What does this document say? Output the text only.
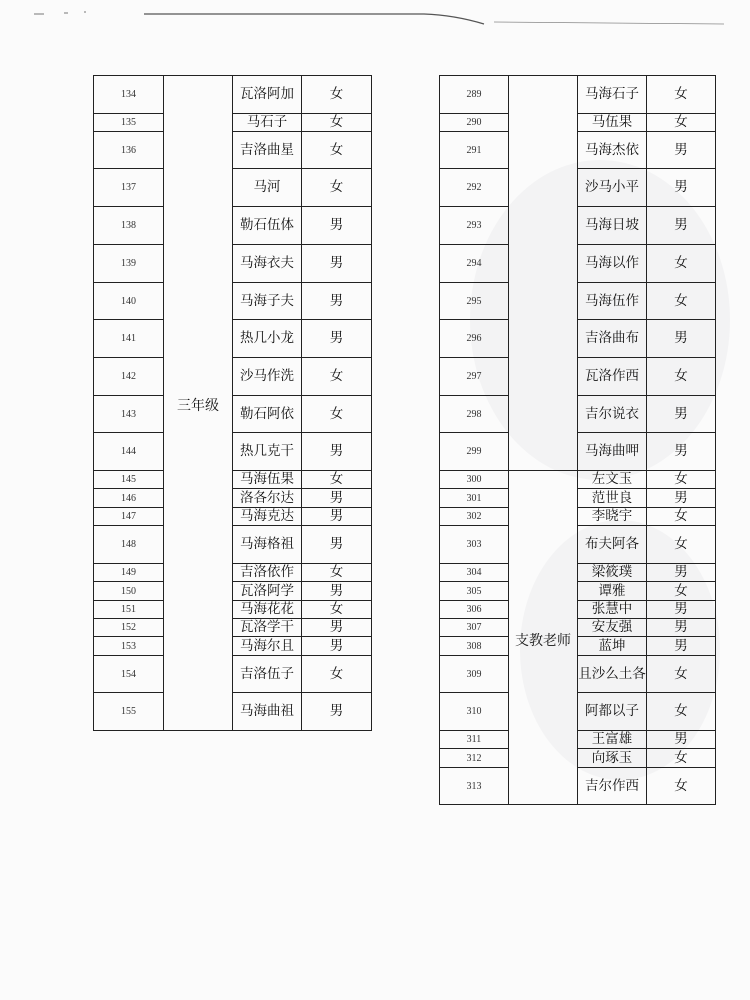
134	三年级	瓦洛阿加	女
135		马石子	女
136		吉洛曲星	女
137		马河	女
138		勒石伍体	男
139		马海衣夫	男
140		马海子夫	男
141		热几小龙	男
142		沙马作洗	女
143		勒石阿依	女
144		热几克干	男
145		马海伍果	女
146		洛各尔达	男
147		马海克达	男
148		马海格祖	男
149		吉洛依作	女
150		瓦洛阿学	男
151		马海花花	女
152		瓦洛学干	男
153		马海尔且	男
154		吉洛伍子	女
155		马海曲祖	男
289		马海石子	女
290		马伍果	女
291		马海杰依	男
292		沙马小平	男
293		马海日坡	男
294		马海以作	女
295		马海伍作	女
296		吉洛曲布	男
297		瓦洛作西	女
298		吉尔说衣	男
299		马海曲呷	男
300	支教老师	左文玉	女
301		范世良	男
302		李晓宇	女
303		布夫阿各	女
304		梁筱璞	男
305		谭雅	女
306		张慧中	男
307		安友强	男
308		蓝坤	男
309		且沙么土各	女
310		阿都以子	女
311		王富雄	男
312		向琢玉	女
313		吉尔作西	女
